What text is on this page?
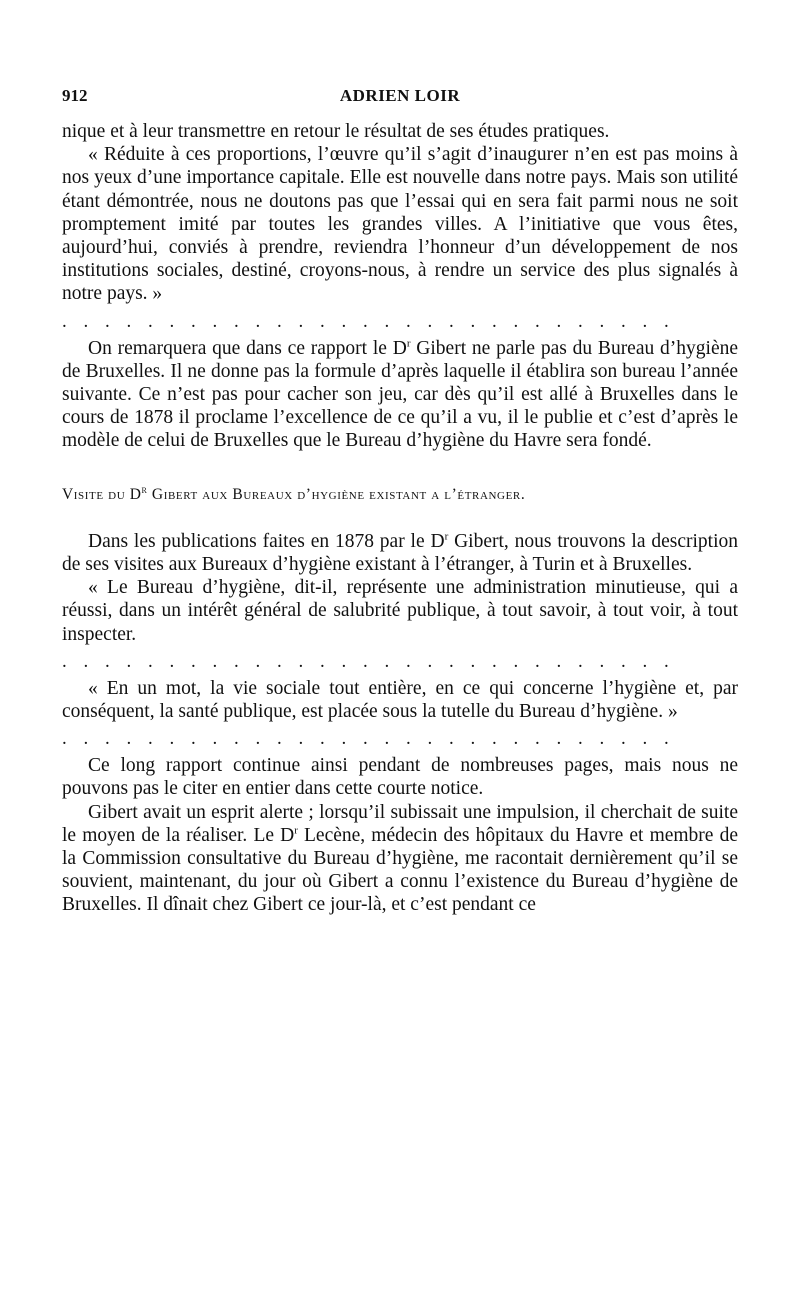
912	ADRIEN LOIR

nique et à leur transmettre en retour le résultat de ses études pratiques.

« Réduite à ces proportions, l’œuvre qu’il s’agit d’inaugurer n’en est pas moins à nos yeux d’une importance capitale. Elle est nouvelle dans notre pays. Mais son utilité étant démontrée, nous ne doutons pas que l’essai qui en sera fait parmi nous ne soit promptement imité par toutes les grandes villes. A l’initiative que vous êtes, aujourd’hui, conviés à prendre, reviendra l’honneur d’un développement de nos institutions sociales, destiné, croyons-nous, à rendre un service des plus signalés à notre pays. »

. . . . . . . . . . . . . . . . . . . . . . . . . . . . .

On remarquera que dans ce rapport le $D^r$ Gibert ne parle pas du Bureau d’hygiène de Bruxelles. Il ne donne pas la formule d’après laquelle il établira son bureau l’année suivante. Ce n’est pas pour cacher son jeu, car dès qu’il est allé à Bruxelles dans le cours de 1878 il proclame l’excellence de ce qu’il a vu, il le publie et c’est d’après le modèle de celui de Bruxelles que le Bureau d’hygiène du Havre sera fondé.

Visite du $D^r$ Gibert aux Bureaux d’hygiène existant a l’étranger.

Dans les publications faites en 1878 par le $D^r$ Gibert, nous trouvons la description de ses visites aux Bureaux d’hygiène existant à l’étranger, à Turin et à Bruxelles.

« Le Bureau d’hygiène, dit-il, représente une administration minutieuse, qui a réussi, dans un intérêt général de salubrité publique, à tout savoir, à tout voir, à tout inspecter.

. . . . . . . . . . . . . . . . . . . . . . . . . . . . .

« En un mot, la vie sociale tout entière, en ce qui concerne l’hygiène et, par conséquent, la santé publique, est placée sous la tutelle du Bureau d’hygiène. »

. . . . . . . . . . . . . . . . . . . . . . . . . . . . .

Ce long rapport continue ainsi pendant de nombreuses pages, mais nous ne pouvons pas le citer en entier dans cette courte notice.

Gibert avait un esprit alerte ; lorsqu’il subissait une impulsion, il cherchait de suite le moyen de la réaliser. Le $D^r$ Lecène, médecin des hôpitaux du Havre et membre de la Commission consultative du Bureau d’hygiène, me racontait dernièrement qu’il se souvient, maintenant, du jour où Gibert a connu l’existence du Bureau d’hygiène de Bruxelles. Il dînait chez Gibert ce jour-là, et c’est pendant ce
